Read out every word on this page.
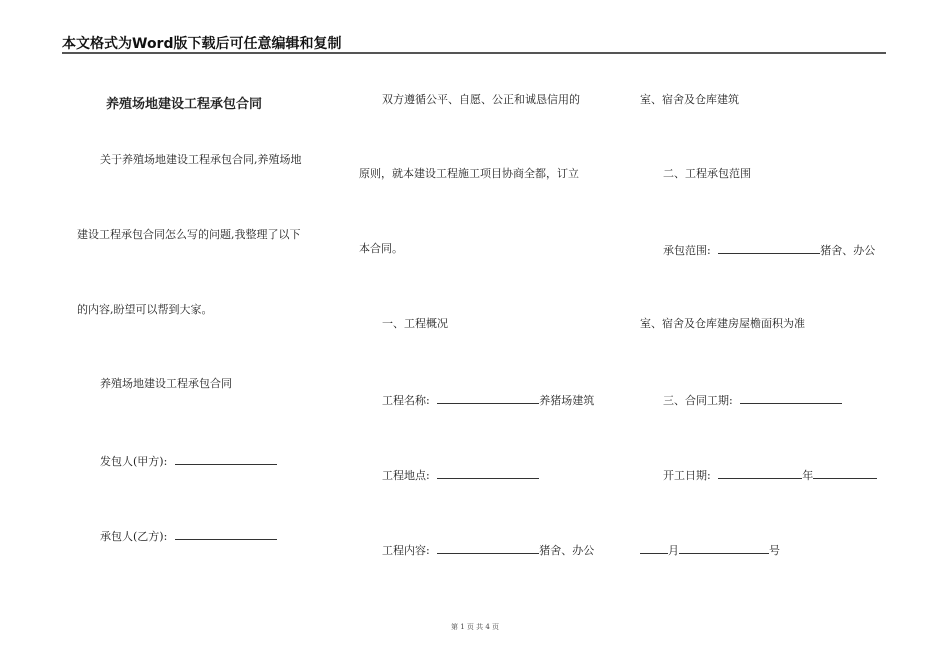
本文格式为Word版下载后可任意编辑和复制
养殖场地建设工程承包合同
关于养殖场地建设工程承包合同,养殖场地
建设工程承包合同怎么写的问题,我整理了以下
的内容,盼望可以帮到大家。
养殖场地建设工程承包合同
发包人(甲方):
承包人(乙方):
双方遵循公平、自愿、公正和诚恳信用的
原则，就本建设工程施工项目协商全都，订立
本合同。
一、工程概况
工程名称:	养猪场建筑
工程地点:
工程内容:	猪舍、办公
室、宿舍及仓库建筑
二、工程承包范围
承包范围:	猪舍、办公
室、宿舍及仓库建房屋檐面积为准
三、合同工期:
开工日期:	年
月	号
第 1 页 共 4 页
